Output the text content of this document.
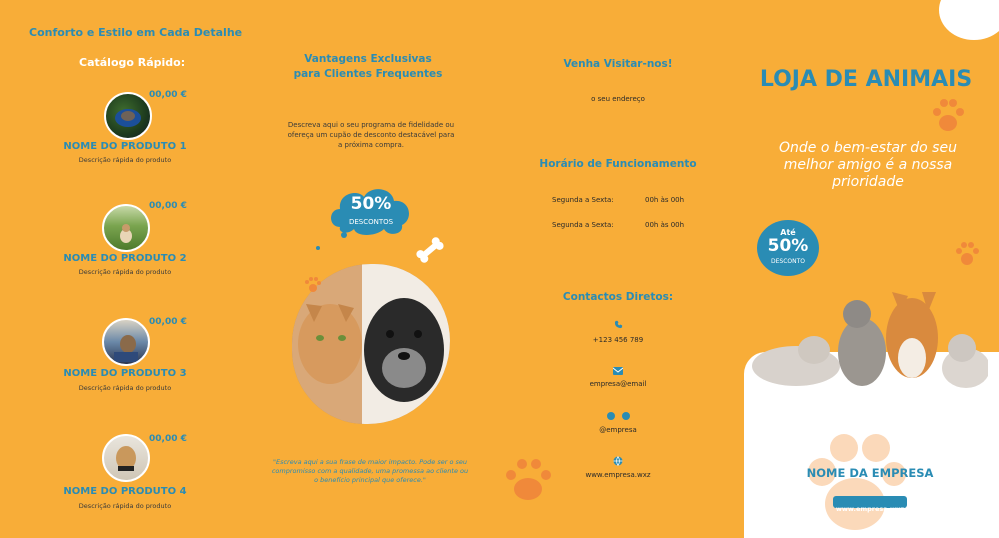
Conforto e Estilo em Cada Detalhe
Catálogo Rápido:
00,00 €
NOME DO PRODUTO 1
Descrição rápida do produto
00,00 €
NOME DO PRODUTO 2
Descrição rápida do produto
00,00 €
NOME DO PRODUTO 3
Descrição rápida do produto
00,00 €
NOME DO PRODUTO 4
Descrição rápida do produto
Vantagens Exclusivas
para Clientes Frequentes
Descreva aqui o seu programa de fidelidade ou ofereça um cupão de desconto destacável para a próxima compra.
50%
DESCONTOS
"Escreva aqui a sua frase de maior impacto. Pode ser o seu compromisso com a qualidade, uma promessa ao cliente ou o benefício principal que oferece."
Venha Visitar-nos!
o seu endereço
Horário de Funcionamento
Segunda a Sexta:	00h às 00h
Segunda a Sexta:	00h às 00h
Contactos Diretos:
+123 456 789
empresa@email
@empresa
www.empresa.wxz
LOJA DE ANIMAIS
Onde o bem-estar do seu melhor amigo é a nossa prioridade
Até
50%
DESCONTO
NOME DA EMPRESA
www.empresa.wxz
